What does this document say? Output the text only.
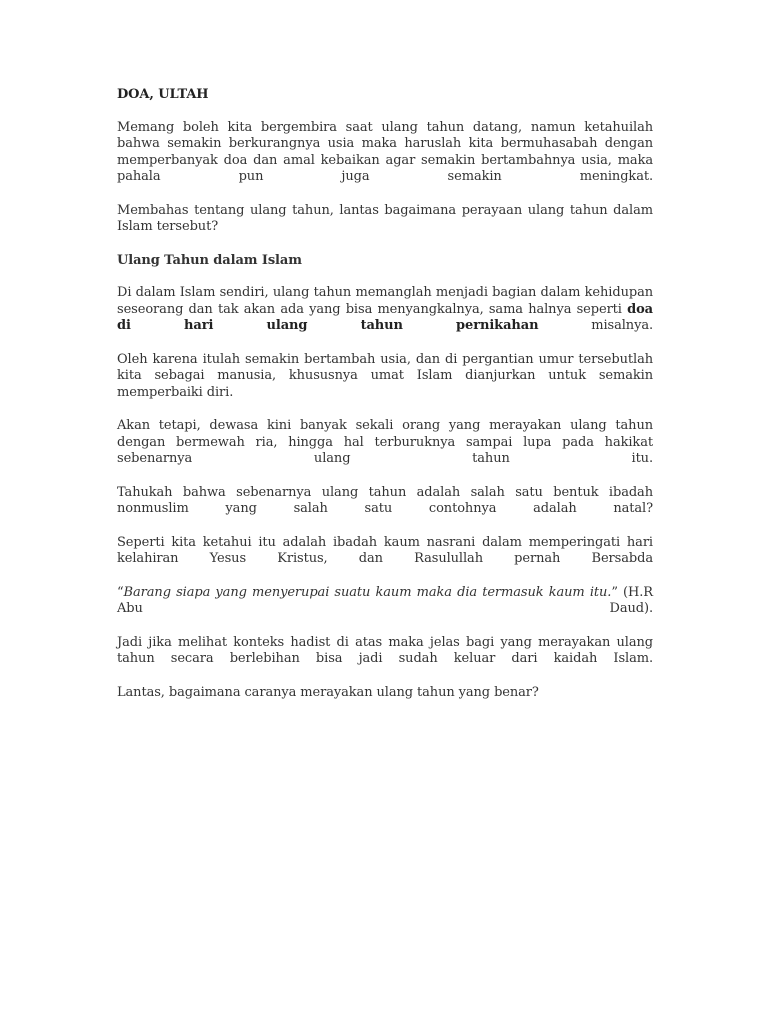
DOA, ULTAH

Memang boleh kita bergembira saat ulang tahun datang, namun ketahuilah bahwa semakin berkurangnya usia maka haruslah kita bermuhasabah dengan memperbanyak doa dan amal kebaikan agar semakin bertambahnya usia, maka pahala pun juga semakin meningkat.

Membahas tentang ulang tahun, lantas bagaimana perayaan ulang tahun dalam Islam tersebut?

Ulang Tahun dalam Islam

Di dalam Islam sendiri, ulang tahun memanglah menjadi bagian dalam kehidupan seseorang dan tak akan ada yang bisa menyangkalnya, sama halnya seperti doa di hari ulang tahun pernikahan misalnya.

Oleh karena itulah semakin bertambah usia, dan di pergantian umur tersebutlah kita sebagai manusia, khususnya umat Islam dianjurkan untuk semakin memperbaiki diri.

Akan tetapi, dewasa kini banyak sekali orang yang merayakan ulang tahun dengan bermewah ria, hingga hal terburuknya sampai lupa pada hakikat sebenarnya ulang tahun itu.

Tahukah bahwa sebenarnya ulang tahun adalah salah satu bentuk ibadah nonmuslim yang salah satu contohnya adalah natal?

Seperti kita ketahui itu adalah ibadah kaum nasrani dalam memperingati hari kelahiran Yesus Kristus, dan Rasulullah pernah Bersabda

“Barang siapa yang menyerupai suatu kaum maka dia termasuk kaum itu.” (H.R Abu Daud).

Jadi jika melihat konteks hadist di atas maka jelas bagi yang merayakan ulang tahun secara berlebihan bisa jadi sudah keluar dari kaidah Islam.

Lantas, bagaimana caranya merayakan ulang tahun yang benar?
